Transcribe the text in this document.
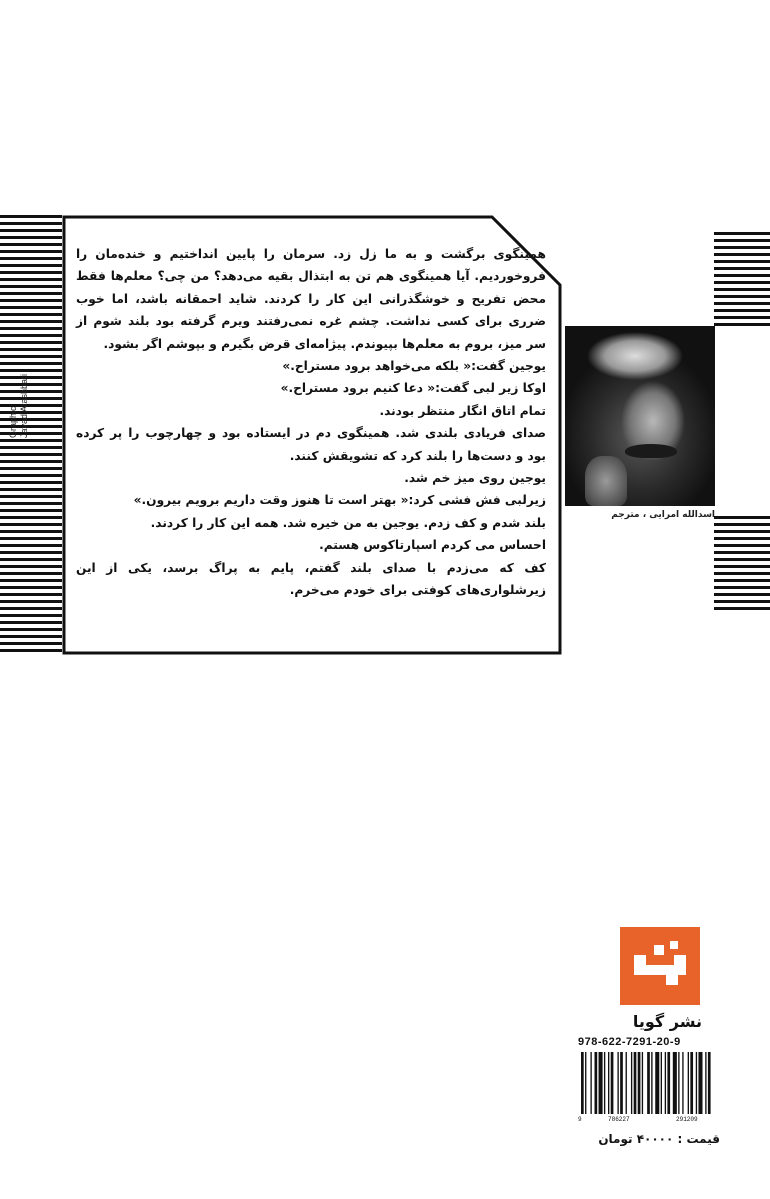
Graphic: Javad Atashbari

همینگوی برگشت و به ما زل زد. سرمان را پایین انداختیم و خنده‌مان را فروخوردیم. آیا همینگوی هم تن به ابتذال بقیه می‌دهد؟ من چی؟ معلم‌ها فقط محض تفریح و خوشگذرانی این کار را کردند. شاید احمقانه باشد، اما خوب ضرری برای کسی نداشت. چشم غره نمی‌رفتند ویرم گرفته بود بلند شوم از سر میز، بروم به معلم‌ها بپیوندم. پیژامه‌ای قرض بگیرم و بپوشم اگر بشود.

یوجین گفت:« بلکه می‌خواهد برود مستراح.»

اوکا زیر لبی گفت:« دعا کنیم برود مستراح.»

تمام اتاق انگار منتظر بودند.

صدای فریادی بلندی شد. همینگوی دم در ایستاده بود و چهارچوب را پر کرده بود و دست‌ها را بلند کرد که تشویقش کنند.

یوجین روی میز خم شد.

زیرلبی فش فشی کرد:« بهتر است تا هنوز وقت داریم برویم بیرون.»

بلند شدم و کف زدم. یوجین به من خیره شد. همه این کار را کردند.

احساس می کردم اسپارتاکوس هستم.

کف که می‌زدم با صدای بلند گفتم، پایم به پراگ برسد، یکی از این زیرشلواری‌های کوفتی برای خودم می‌خرم.

اسدالله امرایی ، مترجم
نشر گویا
978-622-7291-20-9
9	786227	291209
قیمت : ۴۰۰۰۰ تومان
